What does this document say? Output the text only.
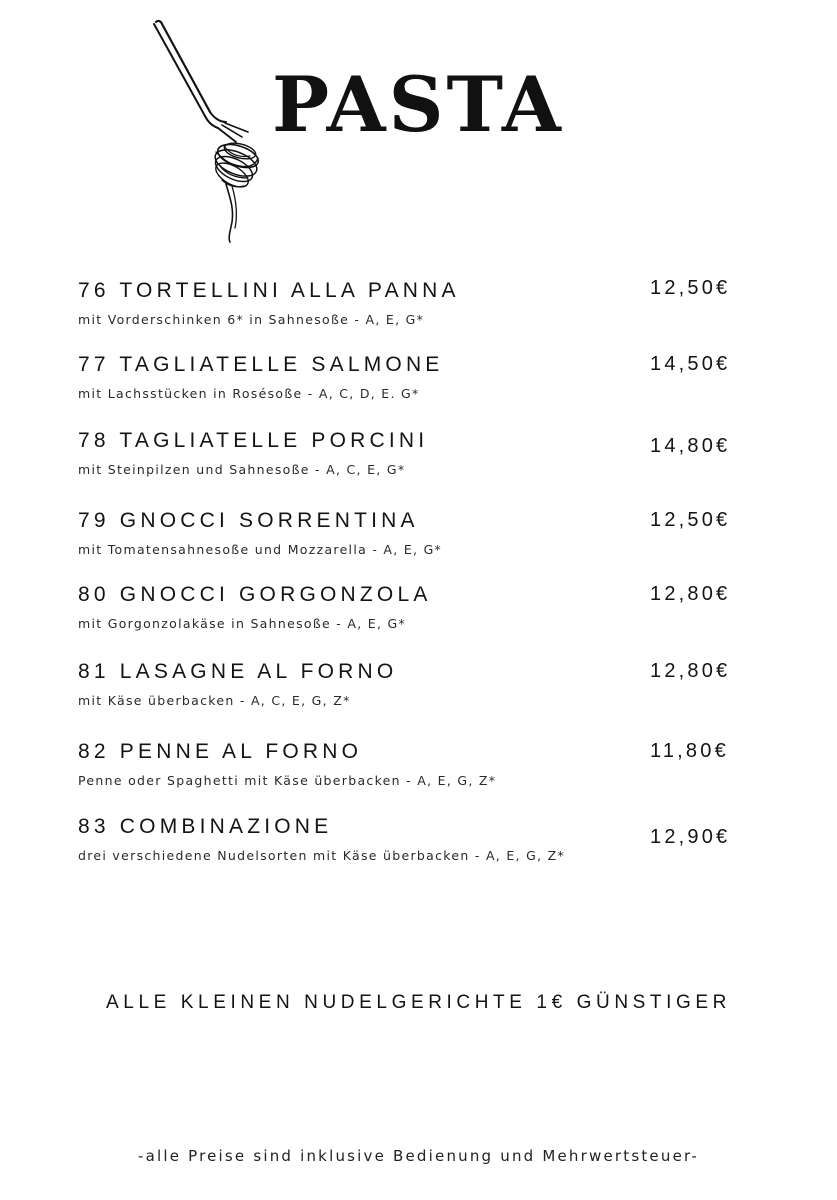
PASTA
76 TORTELLINI ALLA PANNA
mit Vorderschinken 6* in Sahnesoße - A, E, G*
12,50€
77 TAGLIATELLE SALMONE
mit Lachsstücken in Rosésoße - A, C, D, E. G*
14,50€
78 TAGLIATELLE PORCINI
mit Steinpilzen und Sahnesoße - A, C, E, G*
14,80€
79 GNOCCI SORRENTINA
mit Tomatensahnesoße und Mozzarella - A, E, G*
12,50€
80 GNOCCI GORGONZOLA
mit Gorgonzolakäse in Sahnesoße - A, E, G*
12,80€
81 LASAGNE AL FORNO
mit Käse überbacken - A, C, E, G, Z*
12,80€
82 PENNE AL FORNO
Penne oder Spaghetti mit Käse überbacken - A, E, G, Z*
11,80€
83 COMBINAZIONE
drei verschiedene Nudelsorten mit Käse überbacken - A, E, G, Z*
12,90€
ALLE KLEINEN NUDELGERICHTE 1€ GÜNSTIGER
-alle Preise sind inklusive Bedienung und Mehrwertsteuer-
